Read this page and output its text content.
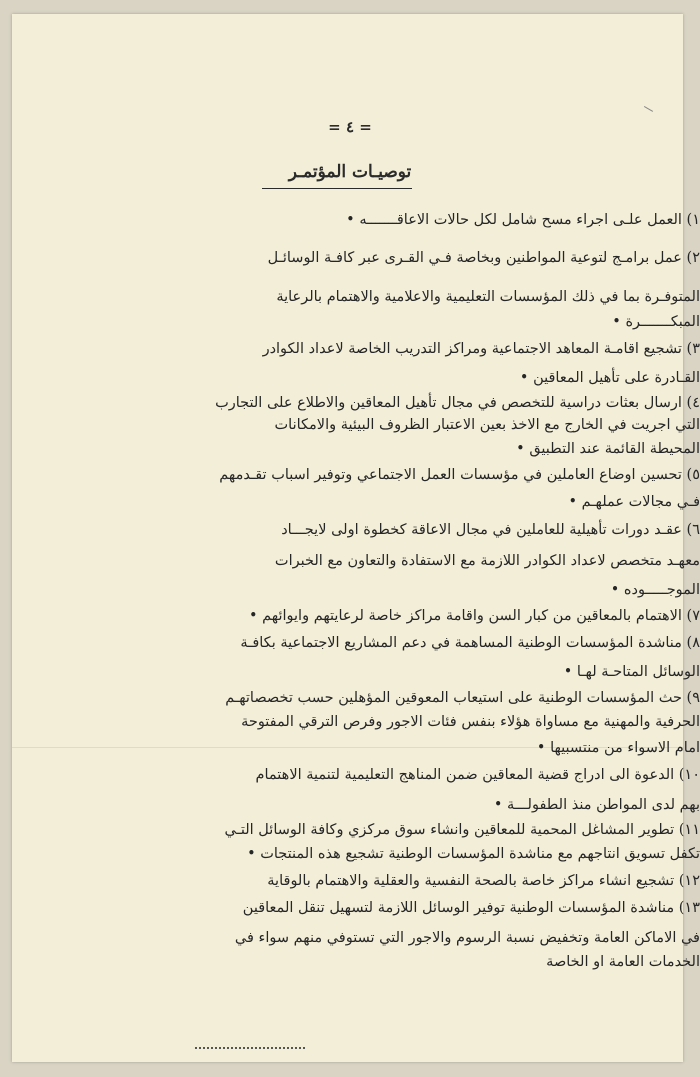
= ٤ =
توصيـات المؤتمـر
١) العمل علـى اجراء مسح شامل لكل حالات الاعاقـــــــه •
٢) عمل برامـج لتوعية المواطنين وبخاصة فـي القـرى عبر كافـة الوسائـل
المتوفـرة بما في ذلك المؤسسات التعليمية والاعلامية والاهتمام بالرعاية
المبكـــــــرة •
٣) تشجيع اقامـة المعاهد الاجتماعية ومراكز التدريب الخاصة لاعداد الكوادر
القـادرة على تأهيل المعاقين •
٤) ارسال بعثات دراسية للتخصص في مجال تأهيل المعاقين والاطلاع على التجارب
التي اجريت في الخارج مع الاخذ بعين الاعتبار الظروف البيئية والامكانات
المحيطة القائمة عند التطبيق •
٥) تحسين اوضاع العاملين في مؤسسات العمل الاجتماعي وتوفير اسباب تقـدمهم
فـي مجالات عملهـم •
٦) عقـد دورات تأهيلية للعاملين في مجال الاعاقة كخطوة اولى لايجـــاد
معهـد متخصص لاعداد الكوادر اللازمة مع الاستفادة والتعاون مع الخبرات
الموجـــــوده •
٧) الاهتمام بالمعاقين من كبار السن واقامة مراكز خاصة لرعايتهم وايوائهم •
٨) مناشدة المؤسسات الوطنية المساهمة في دعم المشاريع الاجتماعية بكافـة
الوسائل المتاحـة لهـا •
٩) حث المؤسسات الوطنية على استيعاب المعوقين المؤهلين حسب تخصصاتهـم
الحرفية والمهنية مع مساواة هؤلاء بنفس فئات الاجور وفرص الترقي المفتوحة
امام الاسواء من منتسبيها •
١٠) الدعوة الى ادراج قضية المعاقين ضمن المناهج التعليمية لتنمية الاهتمام
بهم لدى المواطن منذ الطفولـــة •
١١) تطوير المشاغل المحمية للمعاقين وانشاء سوق مركزي وكافة الوسائل التـي
تكفل تسويق انتاجهم مع مناشدة المؤسسات الوطنية تشجيع هذه المنتجات •
١٢) تشجيع انشاء مراكز خاصة بالصحة النفسية والعقلية والاهتمام بالوقاية
١٣) مناشدة المؤسسات الوطنية توفير الوسائل اللازمة لتسهيل تنقل المعاقين
في الاماكن العامة وتخفيض نسبة الرسوم والاجور التي تستوفي منهم سواء في
الخدمات العامة او الخاصة
